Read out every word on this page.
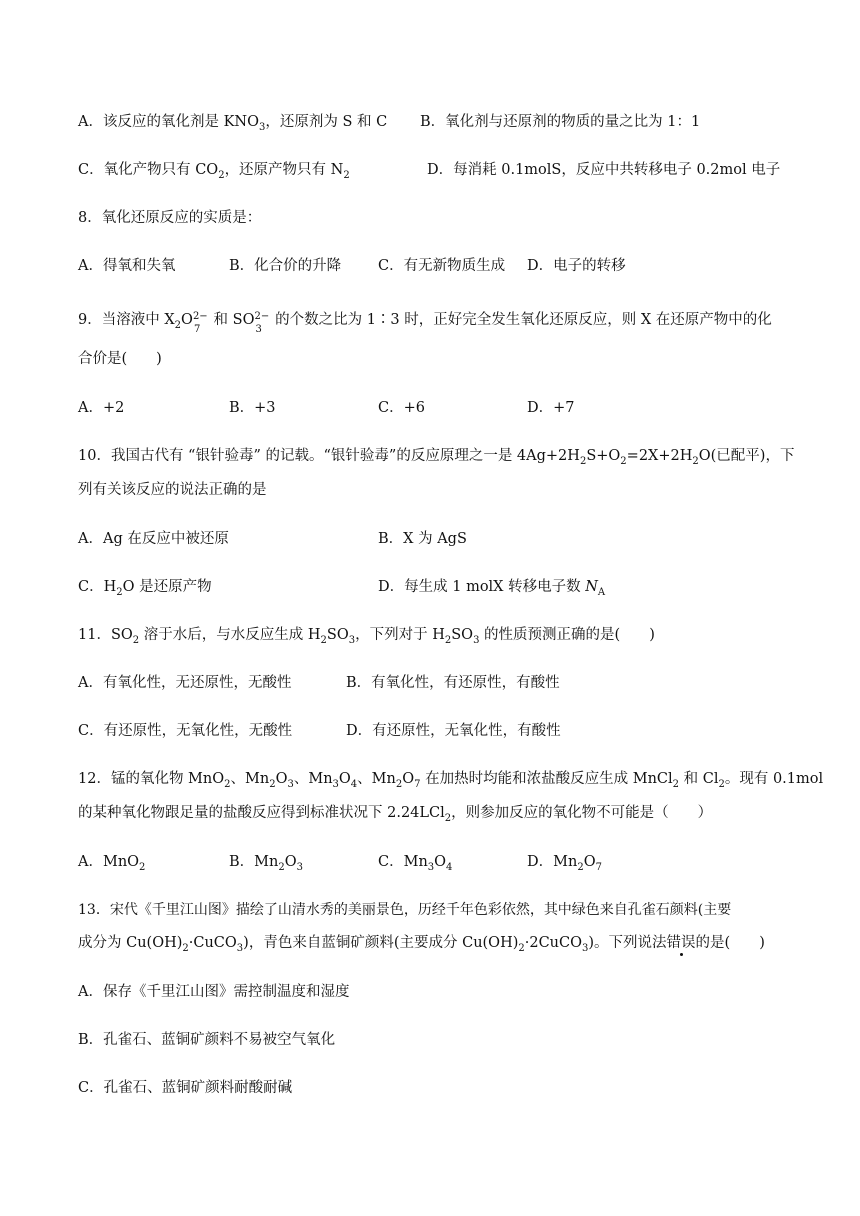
A．该反应的氧化剂是 $KNO_3$，还原剂为 S 和 C B．氧化剂与还原剂的物质的量之比为 1：1
C．氧化产物只有 $CO_2$，还原产物只有 $N_2$	D．每消耗 0.1molS，反应中共转移电子 0.2mol 电子
8．氧化还原反应的实质是：
A．得氧和失氧	B．化合价的升降	C．有无新物质生成 D．电子的转移
9．当溶液中 $X_2O$ 2−
7
和 SO 2−
3
的个数之比为 1∶3 时，正好完全发生氧化还原反应，则 X 在还原产物中的化
合价是(　　)
A．+2	B．+3	C．+6	D．+7
10．我国古代有 “银针验毒” 的记载。“银针验毒”的反应原理之一是 $4Ag+2H_2S+O_2=2X+2H_2O$(已配平)，下
列有关该反应的说法正确的是
A．Ag 在反应中被还原	B．X 为 AgS
C．$H_2O$ 是还原产物	D．每生成 1 molX 转移电子数 $N_A$
11．$SO_2$ 溶于水后，与水反应生成 $H_2SO_3$，下列对于 $H_2SO_3$ 的性质预测正确的是(　　)
A．有氧化性，无还原性，无酸性	B．有氧化性，有还原性，有酸性
C．有还原性，无氧化性，无酸性	D．有还原性，无氧化性，有酸性
12．锰的氧化物 MnO$_2$、$Mn_2O_3$、$Mn_3O_4$、$Mn_2O_7$ 在加热时均能和浓盐酸反应生成 MnCl$_2$ 和 $Cl_2$。现有 0.1mol
的某种氧化物跟足量的盐酸反应得到标准状况下 2.24LCl$_2$，则参加反应的氧化物不可能是（　　）
A．MnO$_2$	B．$Mn_2O_3$	C．$Mn_3O_4$	D．$Mn_2O_7$
13．宋代《千里江山图》描绘了山清水秀的美丽景色，历经千年色彩依然，其中绿色来自孔雀石颜料(主要
成分为 $Cu(OH)_2\cdot CuCO_3$)，青色来自蓝铜矿颜料(主要成分 $Cu(OH)_2\cdot 2CuCO_3$)。下列说法错误的是(　　)
A．保存《千里江山图》需控制温度和湿度
B．孔雀石、蓝铜矿颜料不易被空气氧化
C．孔雀石、蓝铜矿颜料耐酸耐碱
